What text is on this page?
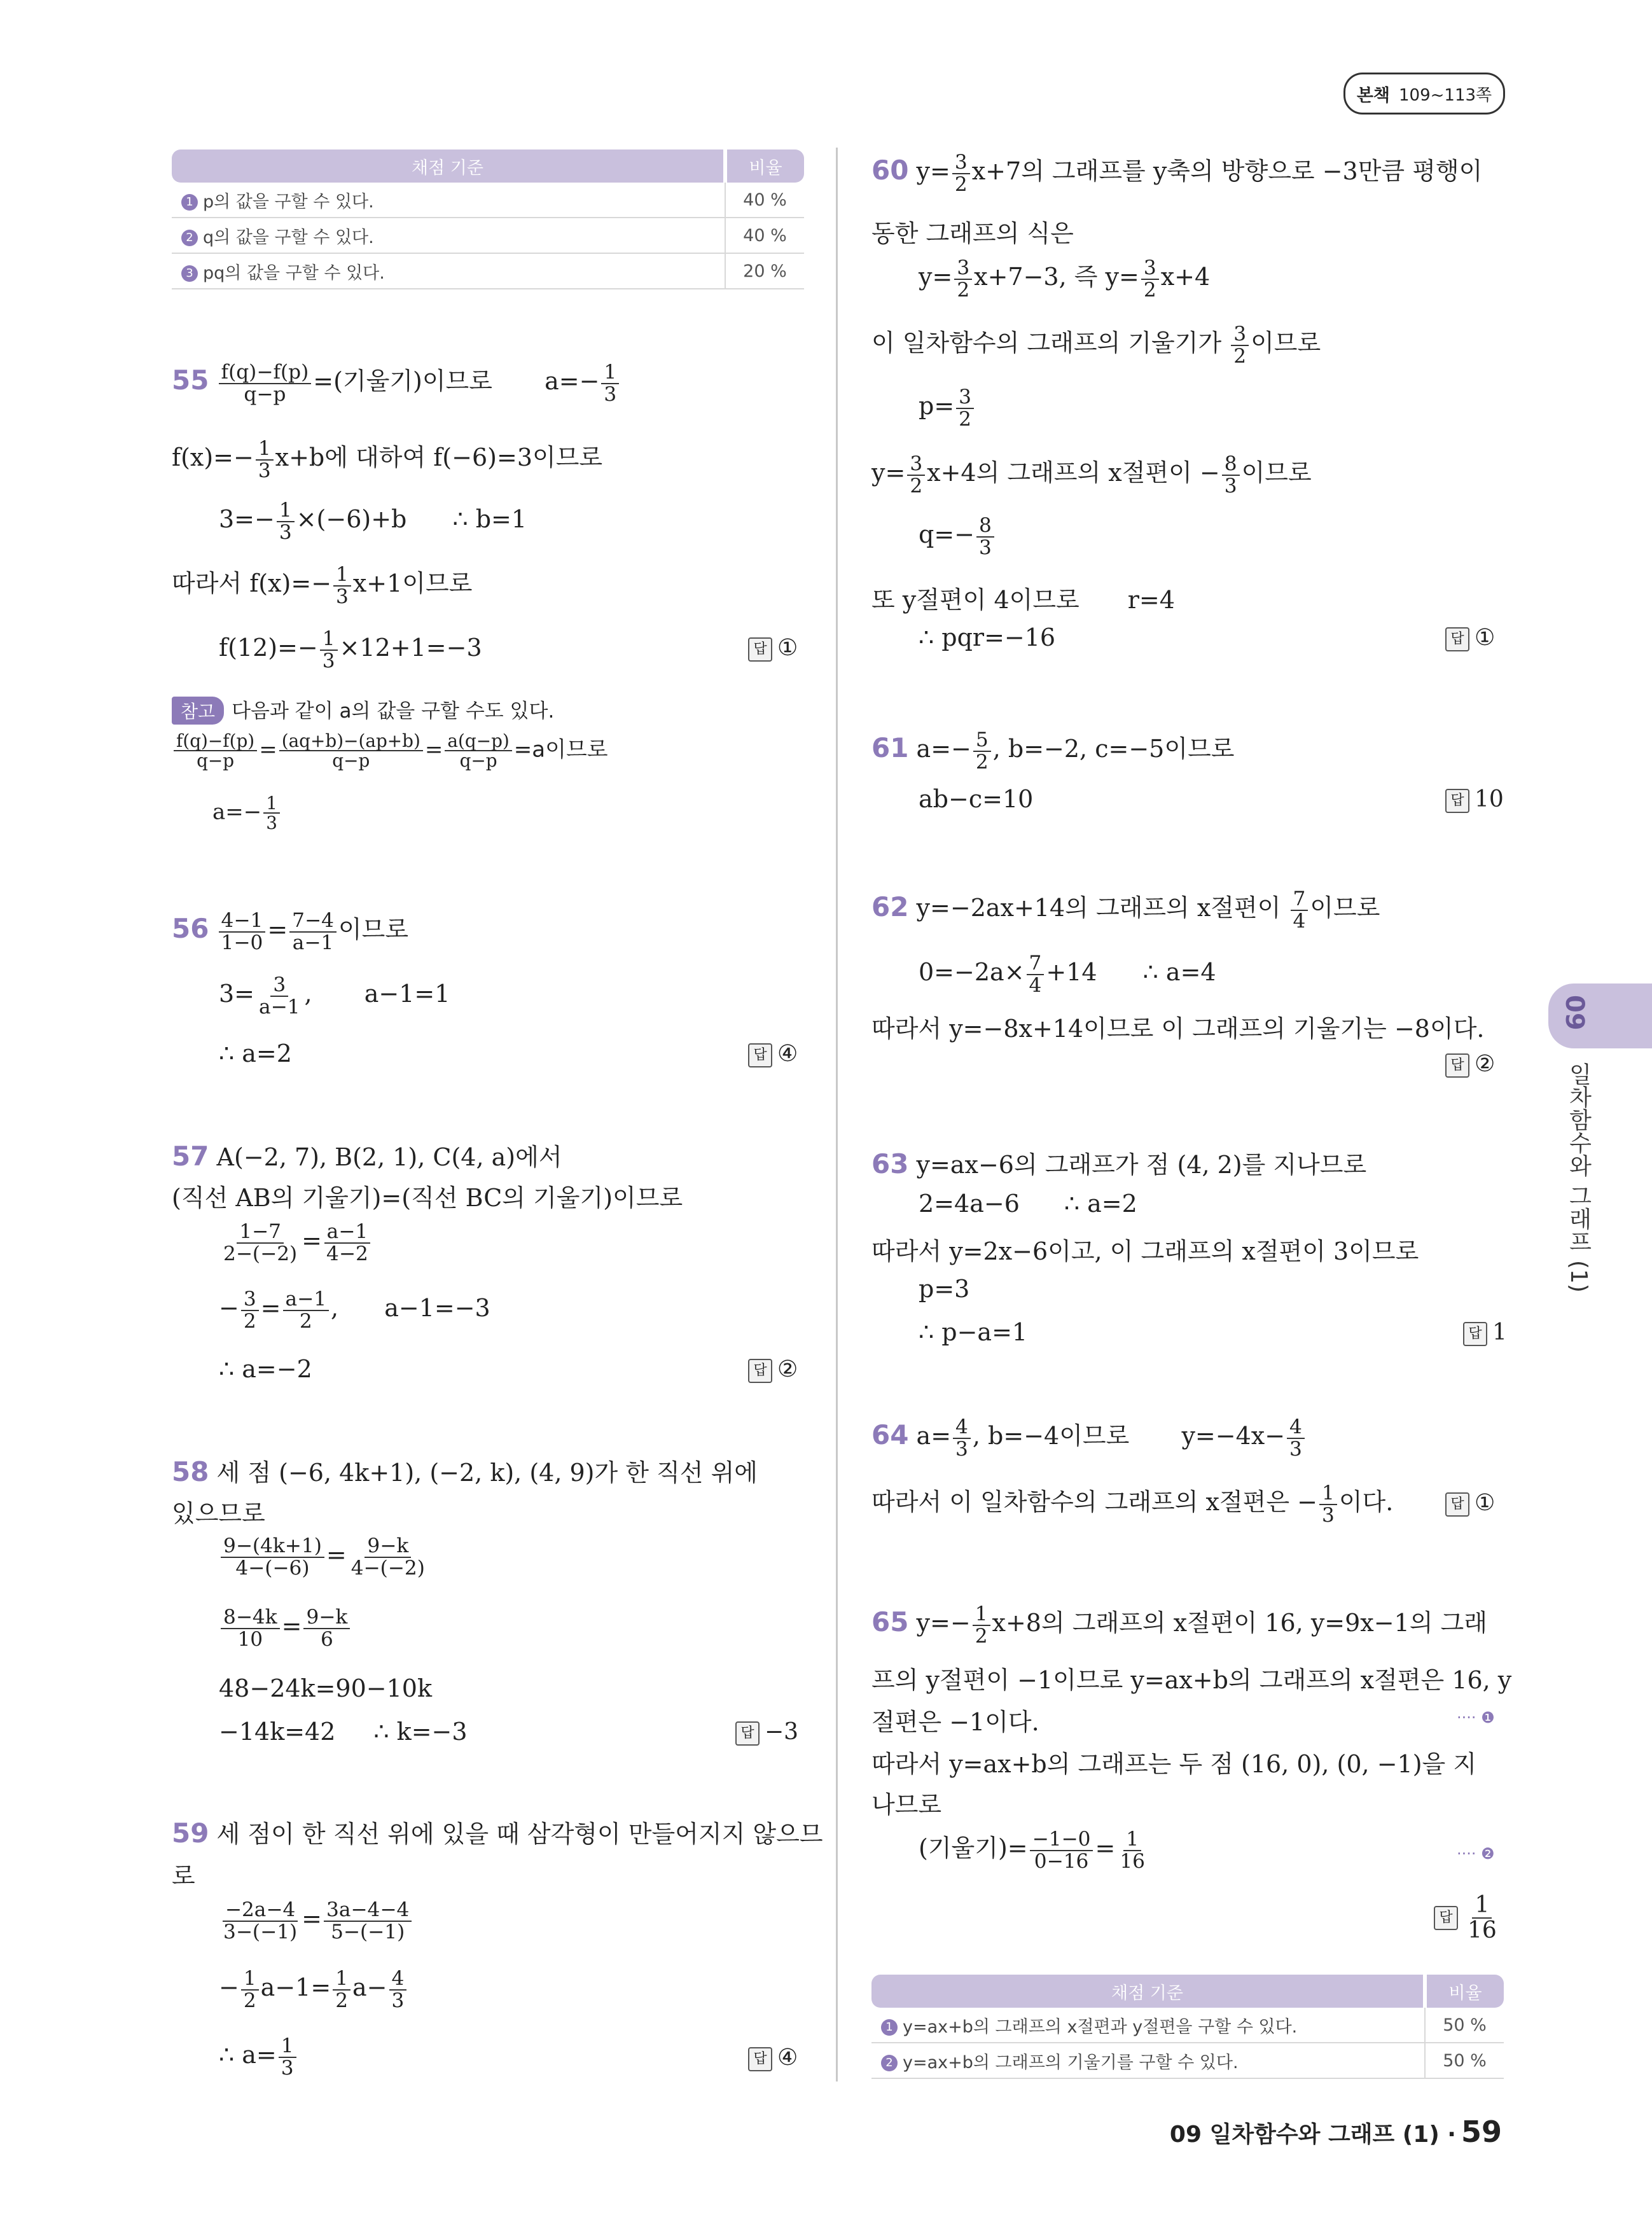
본책 109~113쪽
채점 기준	비율
1 p의 값을 구할 수 있다.	40 %
2 q의 값을 구할 수 있다.	40 %
3 pq의 값을 구할 수 있다.	20 %
$55 \frac{f(q)-f(p)}{q-p}$ =(기울기)이므로 $a=- \frac{1}{3}$
$f(x)=- \frac{1}{3} x+b$에 대하여 f(−6)=3이므로
$3=- \frac{1}{3} \times(-6)+b$ ∴ b=1
따라서 $f(x)=- \frac{1}{3} x+1$이므로
$f(12)=- \frac{1}{3} \times 12+1=-3$	답 ①
참고 다음과 같이 a의 값을 구할 수도 있다.
$\frac{f(q)-f(p)}{q-p} = \frac{(aq+b)-(ap+b)}{q-p} = \frac{a(q-p)}{q-p} =a$이므로
$a=- \frac{1}{3}$
$56 \frac{4-1}{1-0} = \frac{7-4}{a-1}$ 이므로
$3= \frac{3}{a-1}$ , a−1=1
∴ a=2	답 ④
57 A(−2, 7), B(2, 1), C(4, a)에서
(직선 AB의 기울기)=(직선 BC의 기울기)이므로
$\frac{1-7}{2-(-2)} = \frac{a-1}{4-2}$
− $\frac{3}{2} = \frac{a-1}{2}$ , a−1=−3
∴ a=−2	답 ②
58 세 점 (−6, 4k+1), (−2, k), (4, 9)가 한 직선 위에
있으므로
$\frac{9-(4k+1)}{4-(-6)} = \frac{9-k}{4-(-2)}$
$\frac{8-4k}{10} = \frac{9-k}{6}$
48−24k=90−10k
−14k=42 ∴ k=−3	답 −3
59 세 점이 한 직선 위에 있을 때 삼각형이 만들어지지 않으므
로
$\frac{-2a-4}{3-(-1)} = \frac{3a-4-4}{5-(-1)}$
− $\frac{1}{2} a-1= \frac{1}{2} a- \frac{4}{3}$
∴ $a= \frac{1}{3}$	답 ④
60 $y= \frac{3}{2} x+7$의 그래프를 y축의 방향으로 −3만큼 평행이
동한 그래프의 식은
$y= \frac{3}{2} x+7-3$, 즉 $y= \frac{3}{2} x+4$
이 일차함수의 그래프의 기울기가 $\frac{3}{2}$ 이므로
$p= \frac{3}{2}$
$y= \frac{3}{2} x+4$의 그래프의 x절편이 − $\frac{8}{3}$ 이므로
$q=- \frac{8}{3}$
또 y절편이 4이므로 r=4
∴ pqr=−16	답 ①
61 $a=- \frac{5}{2}$ , b=−2, c=−5이므로
ab−c=10	답 10
62 y=−2ax+14의 그래프의 x절편이 $\frac{7}{4}$ 이므로
$0=-2a\times \frac{7}{4} +14$ ∴ a=4
따라서 y=−8x+14이므로 이 그래프의 기울기는 −8이다.
답 ②
63 y=ax−6의 그래프가 점 (4, 2)를 지나므로
2=4a−6 ∴ a=2
따라서 y=2x−6이고, 이 그래프의 x절편이 3이므로
p=3
∴ p−a=1	답 1
64 $a= \frac{4}{3}$ , b=−4이므로 $y=-4x- \frac{4}{3}$
따라서 이 일차함수의 그래프의 x절편은 − $\frac{1}{3}$ 이다.	답 ①
65 $y=- \frac{1}{2} x+8$의 그래프의 x절편이 16, y=9x−1의 그래
프의 y절편이 −1이므로 y=ax+b의 그래프의 x절편은 16, y
절편은 −1이다.	···· ❶
따라서 y=ax+b의 그래프는 두 점 (16, 0), (0, −1)을 지
나므로
(기울기)= $\frac{-1-0}{0-16} = \frac{1}{16}$	···· ❷
답 $\frac{1}{16}$
채점 기준	비율
1 y=ax+b의 그래프의 x절편과 y절편을 구할 수 있다.	50 %
2 y=ax+b의 그래프의 기울기를 구할 수 있다.	50 %
09
일차함수와 그래프 (1)
09 일차함수와 그래프 (1) · 59
